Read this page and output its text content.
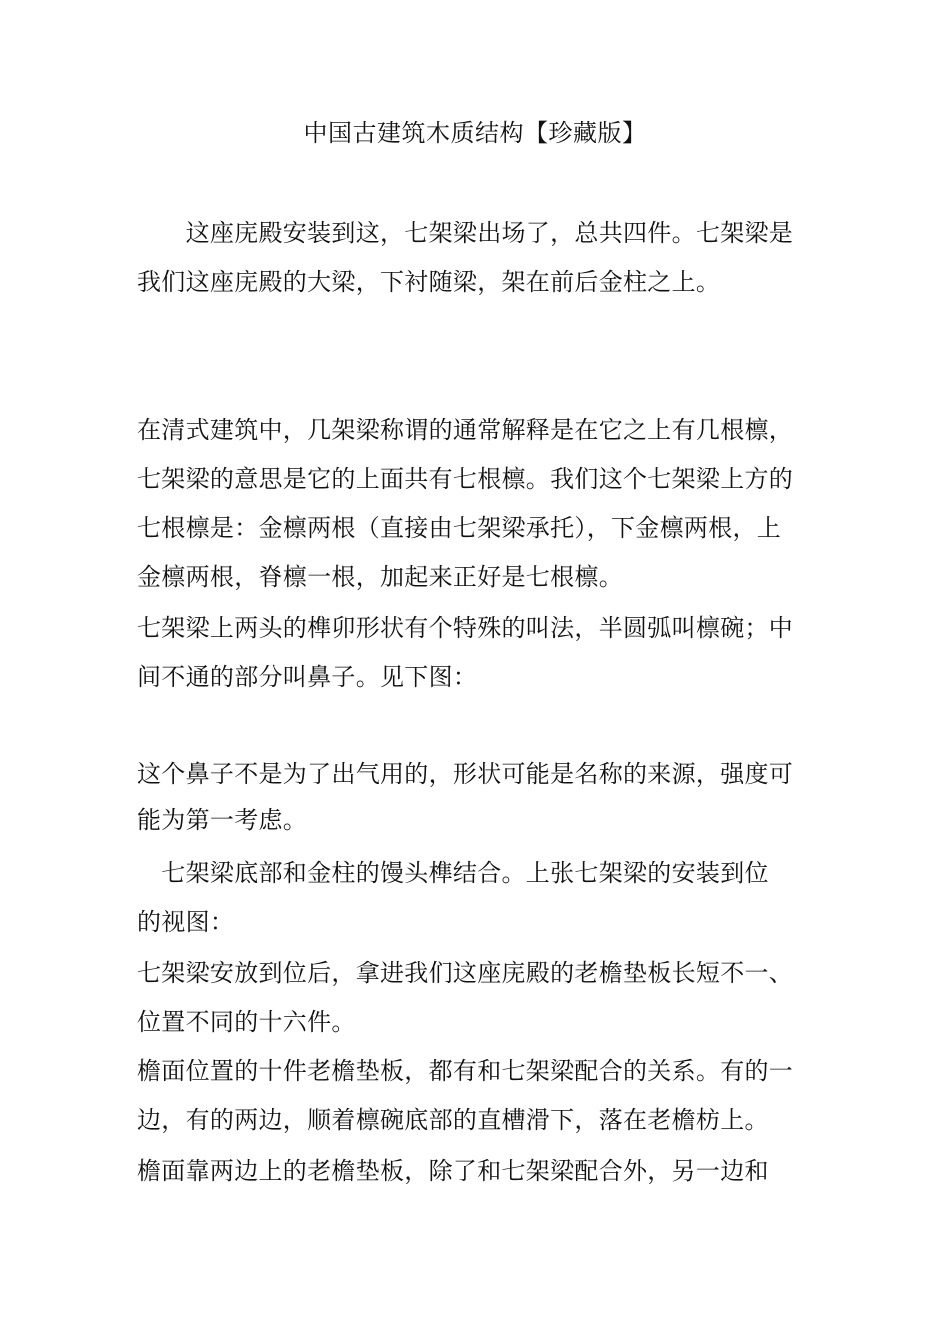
中国古建筑木质结构【珍藏版】
　　这座庑殿安装到这，七架梁出场了，总共四件。七架梁是
我们这座庑殿的大梁，下衬随梁，架在前后金柱之上。
在清式建筑中，几架梁称谓的通常解释是在它之上有几根檩，
七架梁的意思是它的上面共有七根檩。我们这个七架梁上方的
七根檩是：金檩两根（直接由七架梁承托），下金檩两根，上
金檩两根，脊檩一根，加起来正好是七根檩。
七架梁上两头的榫卯形状有个特殊的叫法，半圆弧叫檩碗；中
间不通的部分叫鼻子。见下图：
这个鼻子不是为了出气用的，形状可能是名称的来源，强度可
能为第一考虑。
　七架梁底部和金柱的馒头榫结合。上张七架梁的安装到位
的视图：
七架梁安放到位后，拿进我们这座庑殿的老檐垫板长短不一、
位置不同的十六件。
檐面位置的十件老檐垫板，都有和七架梁配合的关系。有的一
边，有的两边，顺着檩碗底部的直槽滑下，落在老檐枋上。
檐面靠两边上的老檐垫板，除了和七架梁配合外，另一边和
